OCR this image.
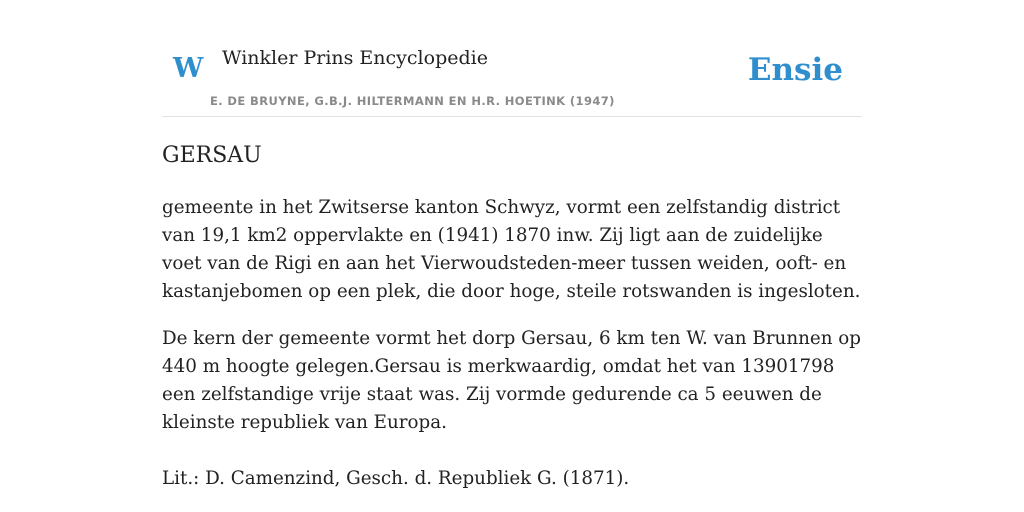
W Winkler Prins Encyclopedie
E. DE BRUYNE, G.B.J. HILTERMANN EN H.R. HOETINK (1947)
Ensie
GERSAU

gemeente in het Zwitserse kanton Schwyz, vormt een zelfstandig district van 19,1 km2 oppervlakte en (1941) 1870 inw. Zij ligt aan de zuidelijke voet van de Rigi en aan het Vierwoudsteden-meer tussen weiden, ooft- en kastanjebomen op een plek, die door hoge, steile rotswanden is ingesloten.

De kern der gemeente vormt het dorp Gersau, 6 km ten W. van Brunnen op 440 m hoogte gelegen.Gersau is merkwaardig, omdat het van 13901798 een zelfstandige vrije staat was. Zij vormde gedurende ca 5 eeuwen de kleinste republiek van Europa.

Lit.: D. Camenzind, Gesch. d. Republiek G. (1871).
